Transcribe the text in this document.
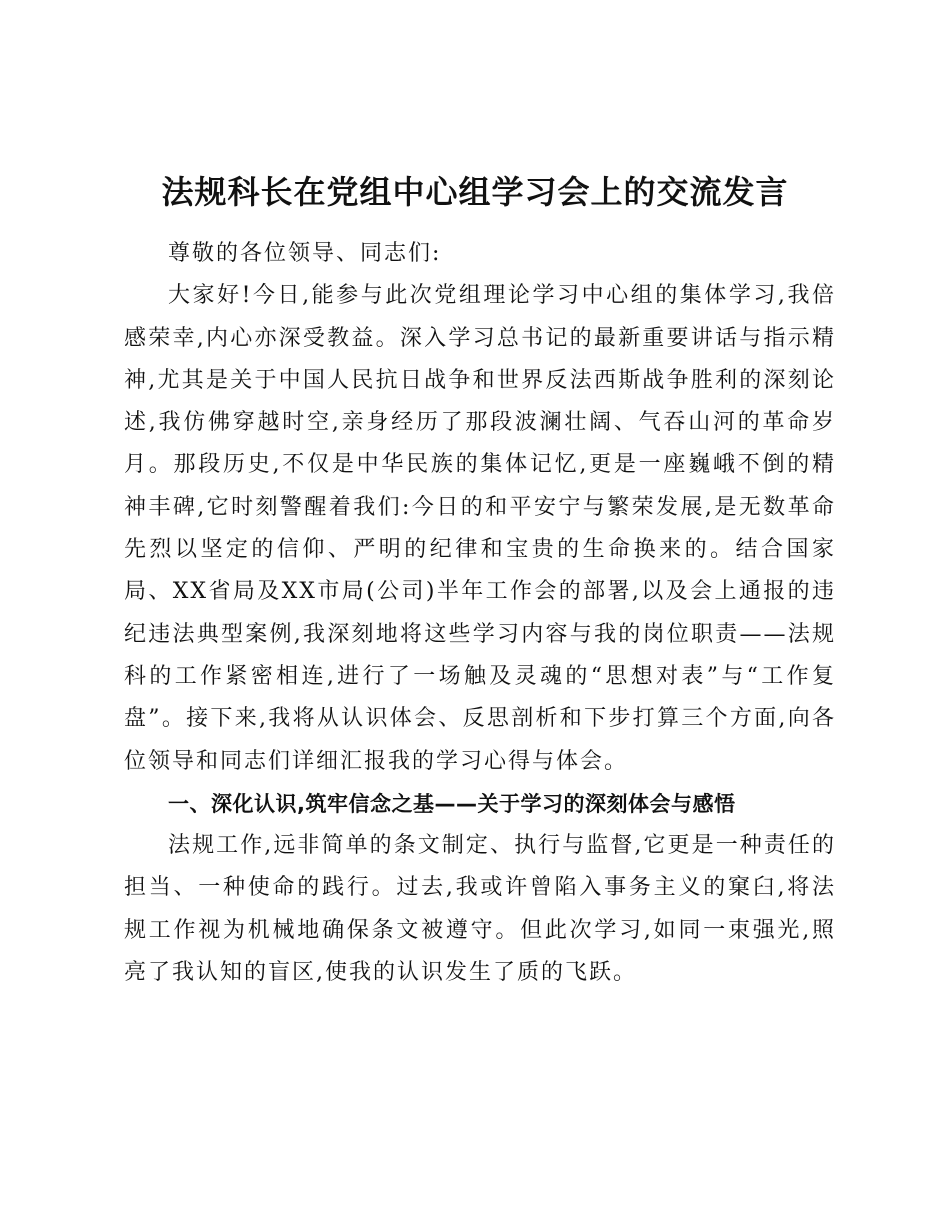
法规科长在党组中心组学习会上的交流发言

尊敬的各位领导、同志们:

大家好!今日,能参与此次党组理论学习中心组的集体学习,我倍感荣幸,内心亦深受教益。深入学习总书记的最新重要讲话与指示精神,尤其是关于中国人民抗日战争和世界反法西斯战争胜利的深刻论述,我仿佛穿越时空,亲身经历了那段波澜壮阔、气吞山河的革命岁月。那段历史,不仅是中华民族的集体记忆,更是一座巍峨不倒的精神丰碑,它时刻警醒着我们:今日的和平安宁与繁荣发展,是无数革命先烈以坚定的信仰、严明的纪律和宝贵的生命换来的。结合国家局、XX省局及XX市局(公司)半年工作会的部署,以及会上通报的违纪违法典型案例,我深刻地将这些学习内容与我的岗位职责——法规科的工作紧密相连,进行了一场触及灵魂的“思想对表”与“工作复盘”。接下来,我将从认识体会、反思剖析和下步打算三个方面,向各位领导和同志们详细汇报我的学习心得与体会。

一、深化认识,筑牢信念之基——关于学习的深刻体会与感悟

法规工作,远非简单的条文制定、执行与监督,它更是一种责任的担当、一种使命的践行。过去,我或许曾陷入事务主义的窠臼,将法规工作视为机械地确保条文被遵守。但此次学习,如同一束强光,照亮了我认知的盲区,使我的认识发生了质的飞跃。
